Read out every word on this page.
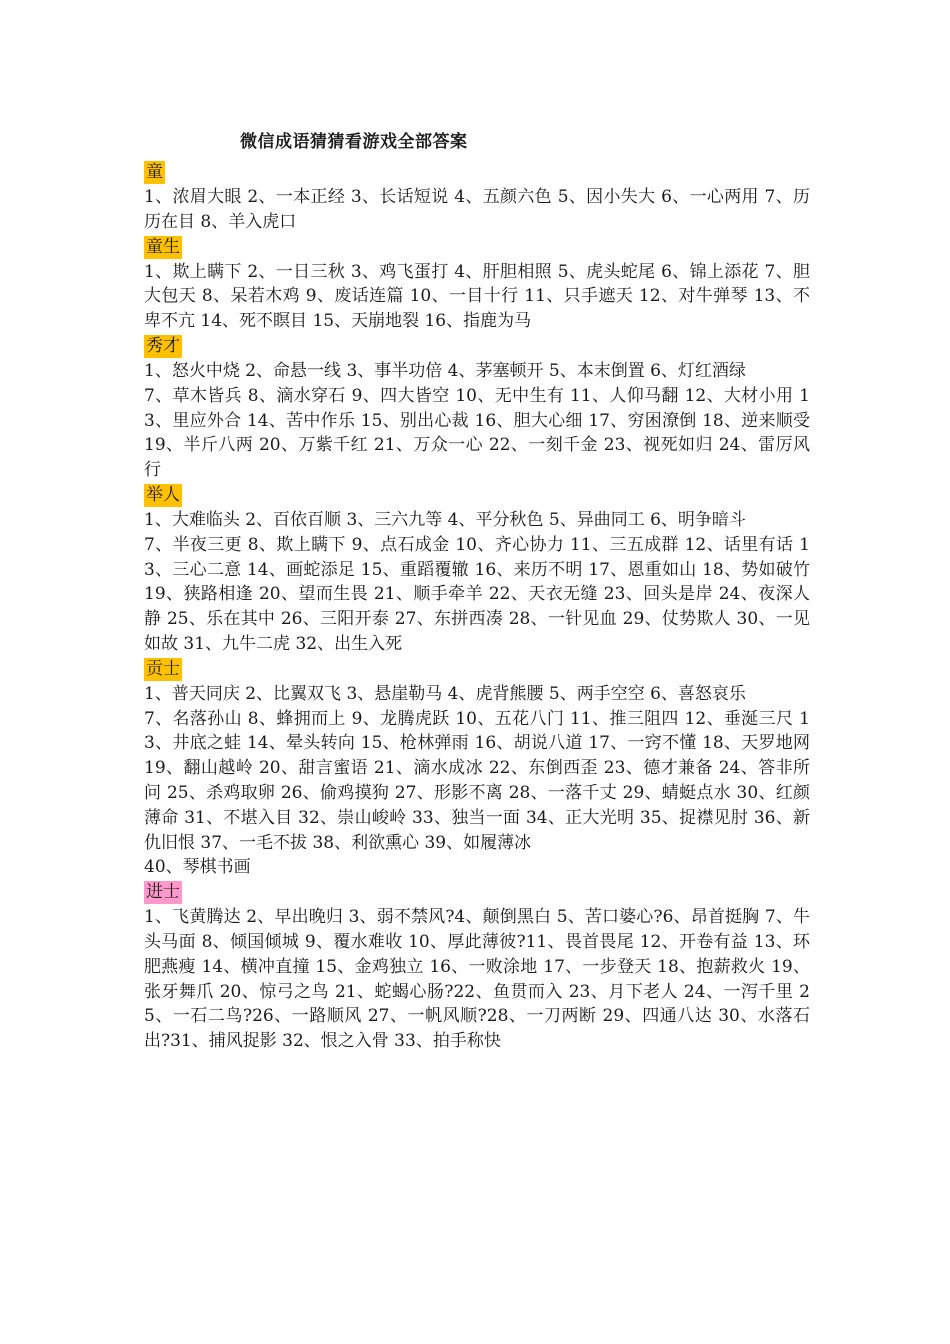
微信成语猜猜看游戏全部答案
童

1、浓眉大眼 2、一本正经 3、长话短说 4、五颜六色 5、因小失大 6、一心两用 7、历历在目 8、羊入虎口

童生

1、欺上瞒下 2、一日三秋 3、鸡飞蛋打 4、肝胆相照 5、虎头蛇尾 6、锦上添花 7、胆大包天 8、呆若木鸡 9、废话连篇 10、一目十行 11、只手遮天 12、对牛弹琴 13、不卑不亢 14、死不瞑目 15、天崩地裂 16、指鹿为马

秀才

1、怒火中烧 2、命悬一线 3、事半功倍 4、茅塞顿开 5、本末倒置 6、灯红酒绿

7、草木皆兵 8、滴水穿石 9、四大皆空 10、无中生有 11、人仰马翻 12、大材小用 13、里应外合 14、苦中作乐 15、别出心裁 16、胆大心细 17、穷困潦倒 18、逆来顺受 19、半斤八两 20、万紫千红 21、万众一心 22、一刻千金 23、视死如归 24、雷厉风行

举人

1、大难临头 2、百依百顺 3、三六九等 4、平分秋色 5、异曲同工 6、明争暗斗

7、半夜三更 8、欺上瞒下 9、点石成金 10、齐心协力 11、三五成群 12、话里有话 13、三心二意 14、画蛇添足 15、重蹈覆辙 16、来历不明 17、恩重如山 18、势如破竹 19、狭路相逢 20、望而生畏 21、顺手牵羊 22、天衣无缝 23、回头是岸 24、夜深人静 25、乐在其中 26、三阳开泰 27、东拼西凑 28、一针见血 29、仗势欺人 30、一见如故 31、九牛二虎 32、出生入死

贡士

1、普天同庆 2、比翼双飞 3、悬崖勒马 4、虎背熊腰 5、两手空空 6、喜怒哀乐

7、名落孙山 8、蜂拥而上 9、龙腾虎跃 10、五花八门 11、推三阻四 12、垂涎三尺 13、井底之蛙 14、晕头转向 15、枪林弹雨 16、胡说八道 17、一窍不懂 18、天罗地网 19、翻山越岭 20、甜言蜜语 21、滴水成冰 22、东倒西歪 23、德才兼备 24、答非所问 25、杀鸡取卵 26、偷鸡摸狗 27、形影不离 28、一落千丈 29、蜻蜓点水 30、红颜薄命 31、不堪入目 32、崇山峻岭 33、独当一面 34、正大光明 35、捉襟见肘 36、新仇旧恨 37、一毛不拔 38、利欲熏心 39、如履薄冰

40、琴棋书画

进士

1、飞黄腾达 2、早出晚归 3、弱不禁风?4、颠倒黑白 5、苦口婆心?6、昂首挺胸 7、牛头马面 8、倾国倾城 9、覆水难收 10、厚此薄彼?11、畏首畏尾 12、开卷有益 13、环肥燕瘦 14、横冲直撞 15、金鸡独立 16、一败涂地 17、一步登天 18、抱薪救火 19、张牙舞爪 20、惊弓之鸟 21、蛇蝎心肠?22、鱼贯而入 23、月下老人 24、一泻千里 25、一石二鸟?26、一路顺风 27、一帆风顺?28、一刀两断 29、四通八达 30、水落石出?31、捕风捉影 32、恨之入骨 33、拍手称快
